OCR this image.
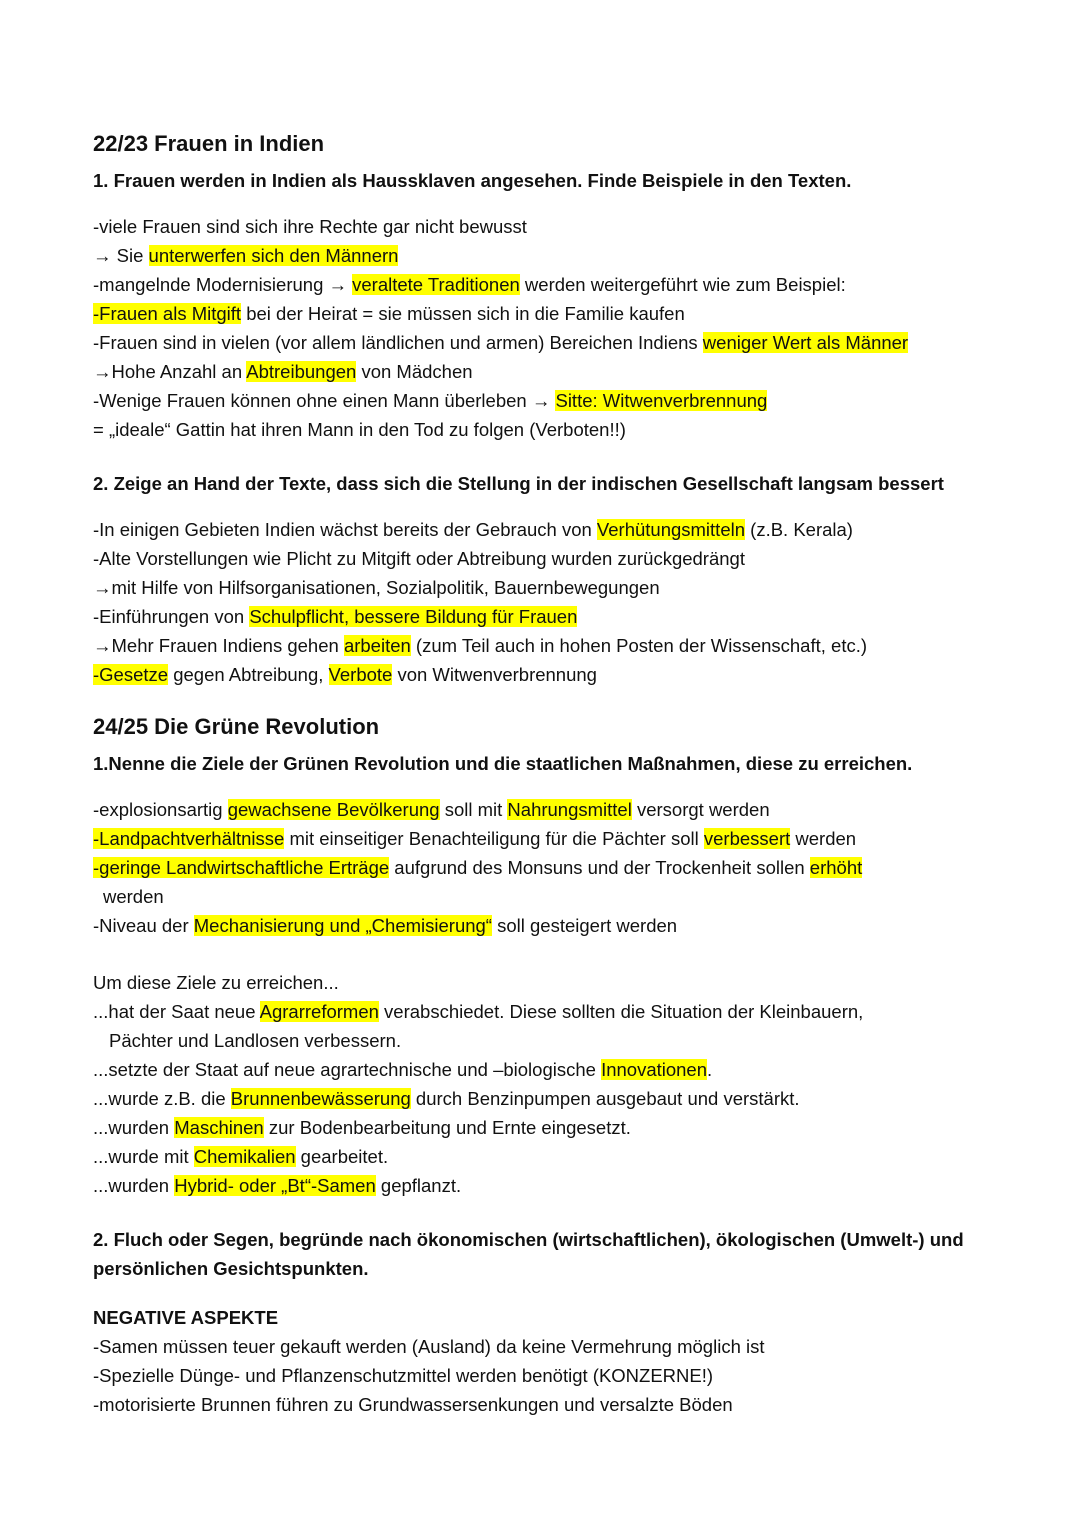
22/23 Frauen in Indien

1. Frauen werden in Indien als Haussklaven angesehen. Finde Beispiele in den Texten.

-viele Frauen sind sich ihre Rechte gar nicht bewusst

→ Sie unterwerfen sich den Männern

-mangelnde Modernisierung → veraltete Traditionen werden weitergeführt wie zum Beispiel:

-Frauen als Mitgift bei der Heirat = sie müssen sich in die Familie kaufen

-Frauen sind in vielen (vor allem ländlichen und armen) Bereichen Indiens weniger Wert als Männer

→Hohe Anzahl an Abtreibungen von Mädchen

-Wenige Frauen können ohne einen Mann überleben → Sitte: Witwenverbrennung

= „ideale“ Gattin hat ihren Mann in den Tod zu folgen (Verboten!!)

2. Zeige an Hand der Texte, dass sich die Stellung in der indischen Gesellschaft langsam bessert

-In einigen Gebieten Indien wächst bereits der Gebrauch von Verhütungsmitteln (z.B. Kerala)

-Alte Vorstellungen wie Plicht zu Mitgift oder Abtreibung wurden zurückgedrängt

→mit Hilfe von Hilfsorganisationen, Sozialpolitik, Bauernbewegungen

-Einführungen von Schulpflicht, bessere Bildung für Frauen

→Mehr Frauen Indiens gehen arbeiten (zum Teil auch in hohen Posten der Wissenschaft, etc.)

-Gesetze gegen Abtreibung, Verbote von Witwenverbrennung

24/25 Die Grüne Revolution

1.Nenne die Ziele der Grünen Revolution und die staatlichen Maßnahmen, diese zu erreichen.

-explosionsartig gewachsene Bevölkerung soll mit Nahrungsmittel versorgt werden

-Landpachtverhältnisse mit einseitiger Benachteiligung für die Pächter soll verbessert werden

-geringe Landwirtschaftliche Erträge aufgrund des Monsuns und der Trockenheit sollen erhöht

werden

-Niveau der Mechanisierung und „Chemisierung“ soll gesteigert werden

Um diese Ziele zu erreichen...

...hat der Saat neue Agrarreformen verabschiedet. Diese sollten die Situation der Kleinbauern,

Pächter und Landlosen verbessern.

...setzte der Staat auf neue agrartechnische und –biologische Innovationen.

...wurde z.B. die Brunnenbewässerung durch Benzinpumpen ausgebaut und verstärkt.

...wurden Maschinen zur Bodenbearbeitung und Ernte eingesetzt.

...wurde mit Chemikalien gearbeitet.

...wurden Hybrid- oder „Bt“-Samen gepflanzt.

2. Fluch oder Segen, begründe nach ökonomischen (wirtschaftlichen), ökologischen (Umwelt-) und

persönlichen Gesichtspunkten.

NEGATIVE ASPEKTE

-Samen müssen teuer gekauft werden (Ausland) da keine Vermehrung möglich ist

-Spezielle Dünge- und Pflanzenschutzmittel werden benötigt (KONZERNE!)

-motorisierte Brunnen führen zu Grundwassersenkungen und versalzte Böden
